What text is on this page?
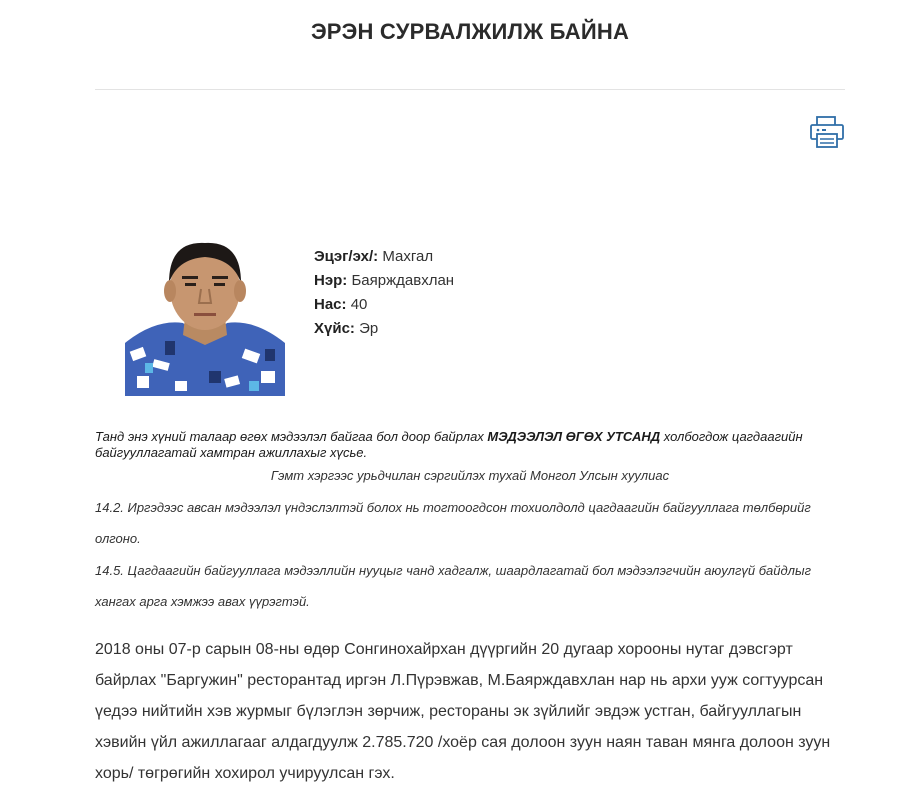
ЭРЭН СУРВАЛЖИЛЖ БАЙНА
Эцэг/эх/: Махгал
Нэр: Баярждавхлан
Нас: 40
Хүйс: Эр
Танд энэ хүний талаар өгөх мэдээлэл байгаа бол доор байрлах МЭДЭЭЛЭЛ ӨГӨХ УТСАНД холбогдож цагдаагийн байгууллагатай хамтран ажиллахыг хүсье.
Гэмт хэргээс урьдчилан сэргийлэх тухай Монгол Улсын хуулиас
14.2. Иргэдээс авсан мэдээлэл үндэслэлтэй болох нь тогтоогдсон тохиолдолд цагдаагийн байгууллага төлбөрийг олгоно.
14.5. Цагдаагийн байгууллага мэдээллийн нууцыг чанд хадгалж, шаардлагатай бол мэдээлэгчийн аюулгүй байдлыг хангах арга хэмжээ авах үүрэгтэй.

2018 оны 07-р сарын 08-ны өдөр Сонгинохайрхан дүүргийн 20 дугаар хорооны нутаг дэвсгэрт байрлах "Баргужин" ресторантад иргэн Л.Пүрэвжав, М.Баярждавхлан нар нь архи ууж согтуурсан үедээ нийтийн хэв журмыг бүлэглэн зөрчиж, рестораны эк зүйлийг эвдэж устган, байгууллагын хэвийн үйл ажиллагааг алдагдуулж 2.785.720 /хоёр сая долоон зуун наян таван мянга долоон зуун хорь/ төгрөгийн хохирол учируулсан гэх.
